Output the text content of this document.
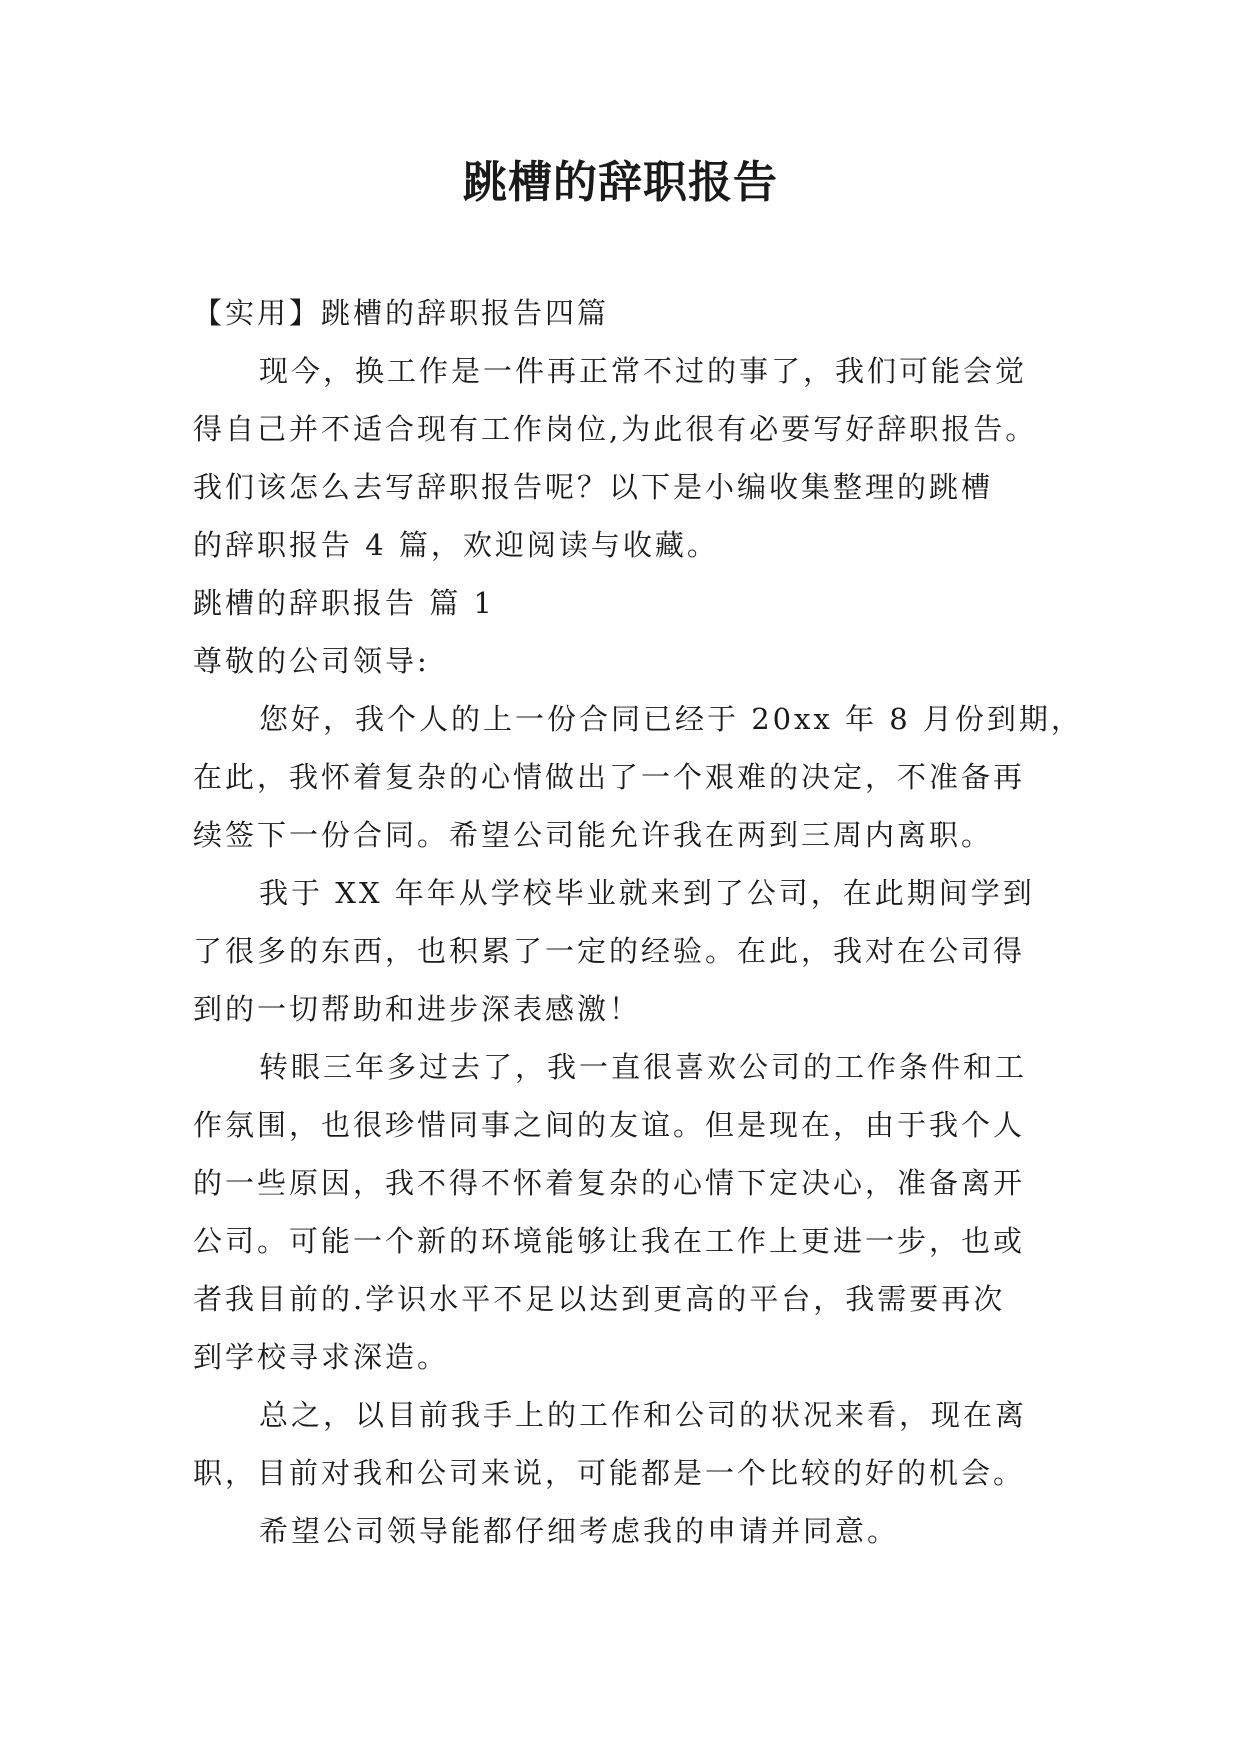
跳槽的辞职报告
【实用】跳槽的辞职报告四篇
现今，换工作是一件再正常不过的事了，我们可能会觉
得自己并不适合现有工作岗位,为此很有必要写好辞职报告。
我们该怎么去写辞职报告呢？以下是小编收集整理的跳槽
的辞职报告 4 篇，欢迎阅读与收藏。
跳槽的辞职报告 篇 1
尊敬的公司领导:
您好，我个人的上一份合同已经于 20xx 年 8 月份到期，
在此，我怀着复杂的心情做出了一个艰难的决定，不准备再
续签下一份合同。希望公司能允许我在两到三周内离职。
我于 XX 年年从学校毕业就来到了公司，在此期间学到
了很多的东西，也积累了一定的经验。在此，我对在公司得
到的一切帮助和进步深表感激！
转眼三年多过去了，我一直很喜欢公司的工作条件和工
作氛围，也很珍惜同事之间的友谊。但是现在，由于我个人
的一些原因，我不得不怀着复杂的心情下定决心，准备离开
公司。可能一个新的环境能够让我在工作上更进一步，也或
者我目前的.学识水平不足以达到更高的平台，我需要再次
到学校寻求深造。
总之，以目前我手上的工作和公司的状况来看，现在离
职，目前对我和公司来说，可能都是一个比较的好的机会。
希望公司领导能都仔细考虑我的申请并同意。
